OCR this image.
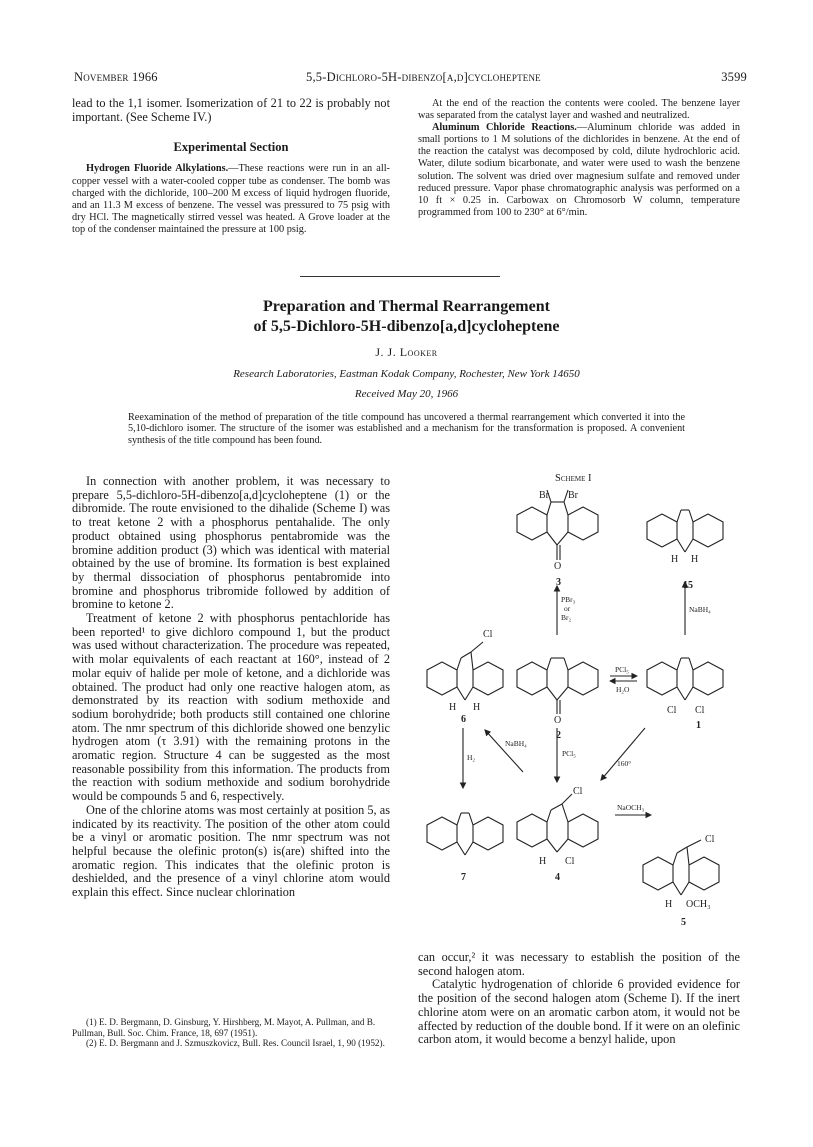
November 1966	5,5-Dichloro-5H-dibenzo[a,d]cycloheptene	3599

lead to the 1,1 isomer. Isomerization of 21 to 22 is probably not important. (See Scheme IV.)

Experimental Section

Hydrogen Fluoride Alkylations.—These reactions were run in an all-copper vessel with a water-cooled copper tube as condenser. The bomb was charged with the dichloride, 100–200 M excess of liquid hydrogen fluoride, and an 11.3 M excess of benzene. The vessel was pressured to 75 psig with dry HCl. The magnetically stirred vessel was heated. A Grove loader at the top of the condenser maintained the pressure at 100 psig.

At the end of the reaction the contents were cooled. The benzene layer was separated from the catalyst layer and washed and neutralized.

Aluminum Chloride Reactions.—Aluminum chloride was added in small portions to 1 M solutions of the dichlorides in benzene. At the end of the reaction the catalyst was decomposed by cold, dilute hydrochloric acid. Water, dilute sodium bicarbonate, and water were used to wash the benzene solution. The solvent was dried over magnesium sulfate and removed under reduced pressure. Vapor phase chromatographic analysis was performed on a 10 ft × 0.25 in. Carbowax on Chromosorb W column, temperature programmed from 100 to 230° at 6°/min.

Preparation and Thermal Rearrangement
of 5,5-Dichloro-5H-dibenzo[a,d]cycloheptene
J. J. Looker
Research Laboratories, Eastman Kodak Company, Rochester, New York 14650
Received May 20, 1966
Reexamination of the method of preparation of the title compound has uncovered a thermal rearrangement which converted it into the 5,10-dichloro isomer. The structure of the isomer was established and a mechanism for the transformation is proposed. A convenient synthesis of the title compound has been found.

In connection with another problem, it was necessary to prepare 5,5-dichloro-5H-dibenzo[a,d]cycloheptene (1) or the dibromide. The route envisioned to the dihalide (Scheme I) was to treat ketone 2 with a phosphorus pentahalide. The only product obtained using phosphorus pentabromide was the bromine addition product (3) which was identical with material obtained by the use of bromine. Its formation is best explained by thermal dissociation of phosphorus pentabromide into bromine and phosphorus tribromide followed by addition of bromine to ketone 2.

Treatment of ketone 2 with phosphorus pentachloride has been reported¹ to give dichloro compound 1, but the product was used without characterization. The procedure was repeated, with molar equivalents of each reactant at 160°, instead of 2 molar equiv of halide per mole of ketone, and a dichloride was obtained. The product had only one reactive halogen atom, as demonstrated by its reaction with sodium methoxide and sodium borohydride; both products still contained one chlorine atom. The nmr spectrum of this dichloride showed one benzylic hydrogen atom (τ 3.91) with the remaining protons in the aromatic region. Structure 4 can be suggested as the most reasonable possibility from this information. The products from the reaction with sodium methoxide and sodium borohydride would be compounds 5 and 6, respectively.

One of the chlorine atoms was most certainly at position 5, as indicated by its reactivity. The position of the other atom could be a vinyl or aromatic position. The nmr spectrum was not helpful because the olefinic proton(s) is(are) shifted into the aromatic region. This indicates that the olefinic proton is deshielded, and the presence of a vinyl chlorine atom would explain this effect. Since nuclear chlorination

(1) E. D. Bergmann, D. Ginsburg, Y. Hirshberg, M. Mayot, A. Pullman, and B. Pullman, Bull. Soc. Chim. France, 18, 697 (1951).

(2) E. D. Bergmann and J. Szmuszkovicz, Bull. Res. Council Israel, 1, 90 (1952).

can occur,² it was necessary to establish the position of the second halogen atom.

Catalytic hydrogenation of chloride 6 provided evidence for the position of the second halogen atom (Scheme I). If the inert chlorine atom were on an aromatic carbon atom, it would not be affected by reduction of the double bond. If it were on an olefinic carbon atom, it would become a benzyl halide, upon

Scheme I
Br Br
O
3
H H
15
PBr₃
or
Br₂
NaBH₄
Cl
H H
6	O
2
PCl₅
H₂O
Cl Cl
1
NaBH₄
H₂	PCl₅
160°
Cl
NaOCH₃
H Cl
7	4
Cl
H OCH₃
5
